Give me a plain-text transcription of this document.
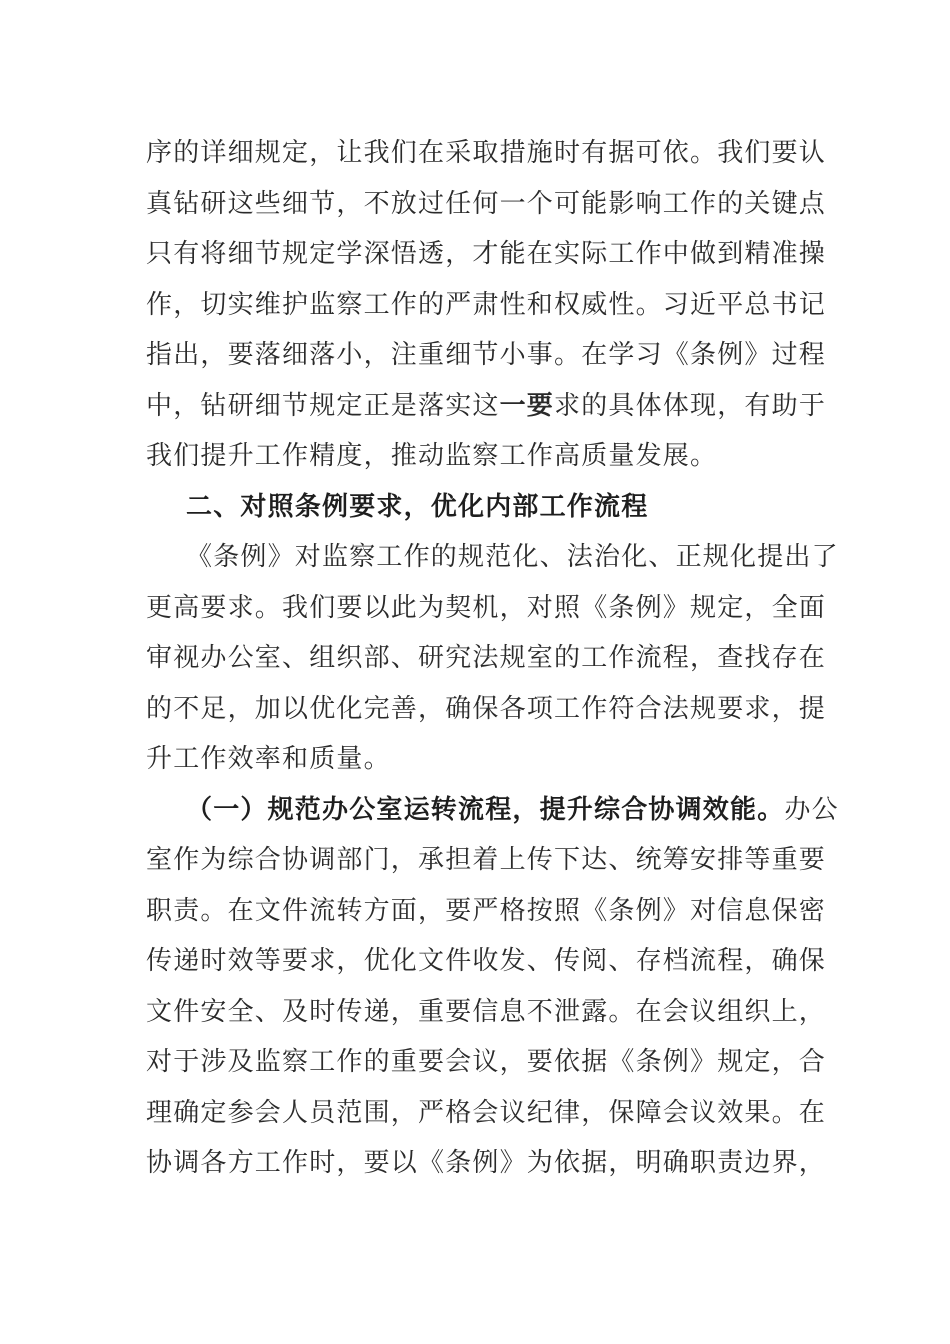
序的详细规定，让我们在采取措施时有据可依。我们要认
真钻研这些细节，不放过任何一个可能影响工作的关键点
只有将细节规定学深悟透，才能在实际工作中做到精准操
作，切实维护监察工作的严肃性和权威性。习近平总书记
指出，要落细落小，注重细节小事。在学习《条例》过程
中，钻研细节规定正是落实这一要求的具体体现，有助于
我们提升工作精度，推动监察工作高质量发展。
二、对照条例要求，优化内部工作流程
《条例》对监察工作的规范化、法治化、正规化提出了
更高要求。我们要以此为契机，对照《条例》规定，全面
审视办公室、组织部、研究法规室的工作流程，查找存在
的不足，加以优化完善，确保各项工作符合法规要求，提
升工作效率和质量。
（一）规范办公室运转流程，提升综合协调效能。办公
室作为综合协调部门，承担着上传下达、统筹安排等重要
职责。在文件流转方面，要严格按照《条例》对信息保密
传递时效等要求，优化文件收发、传阅、存档流程，确保
文件安全、及时传递，重要信息不泄露。在会议组织上，
对于涉及监察工作的重要会议，要依据《条例》规定，合
理确定参会人员范围，严格会议纪律，保障会议效果。在
协调各方工作时，要以《条例》为依据，明确职责边界，
